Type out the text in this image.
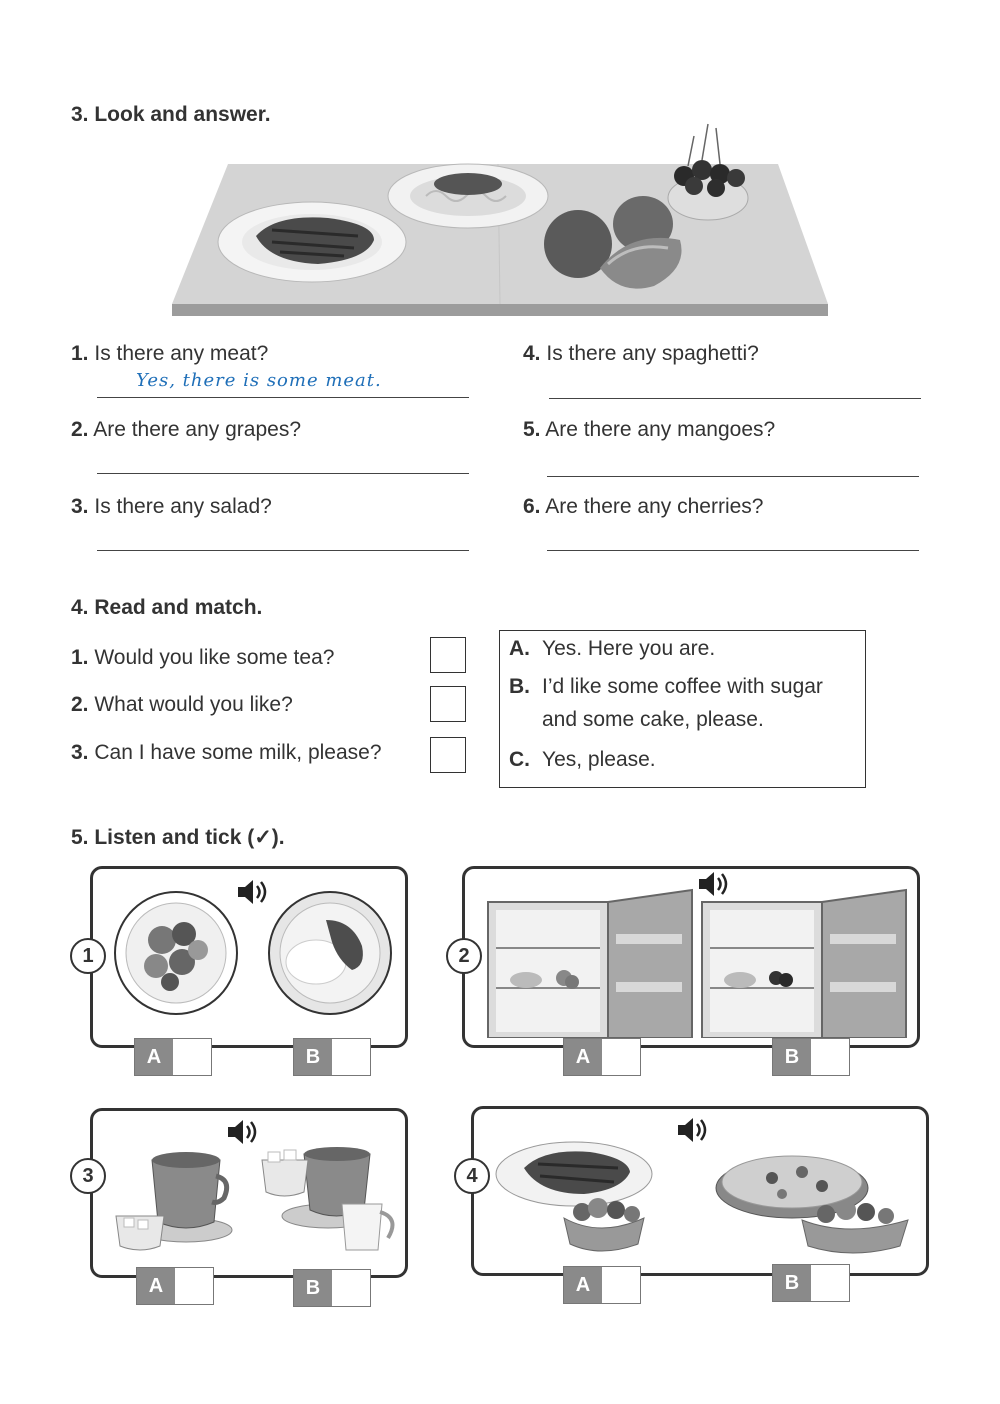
3. Look and answer.
1. Is there any meat?
Yes, there is some meat.
2. Are there any grapes?
3. Is there any salad?
4. Is there any spaghetti?
5. Are there any mangoes?
6. Are there any cherries?
4. Read and match.
1. Would you like some tea?
2. What would you like?
3. Can I have some milk, please?
A. Yes. Here you are.
B. I’d like some coffee with sugar
and some cake, please.
C. Yes, please.
5. Listen and tick (✓).
1
A	B
2
A	B
3
A	B
4
A	B
